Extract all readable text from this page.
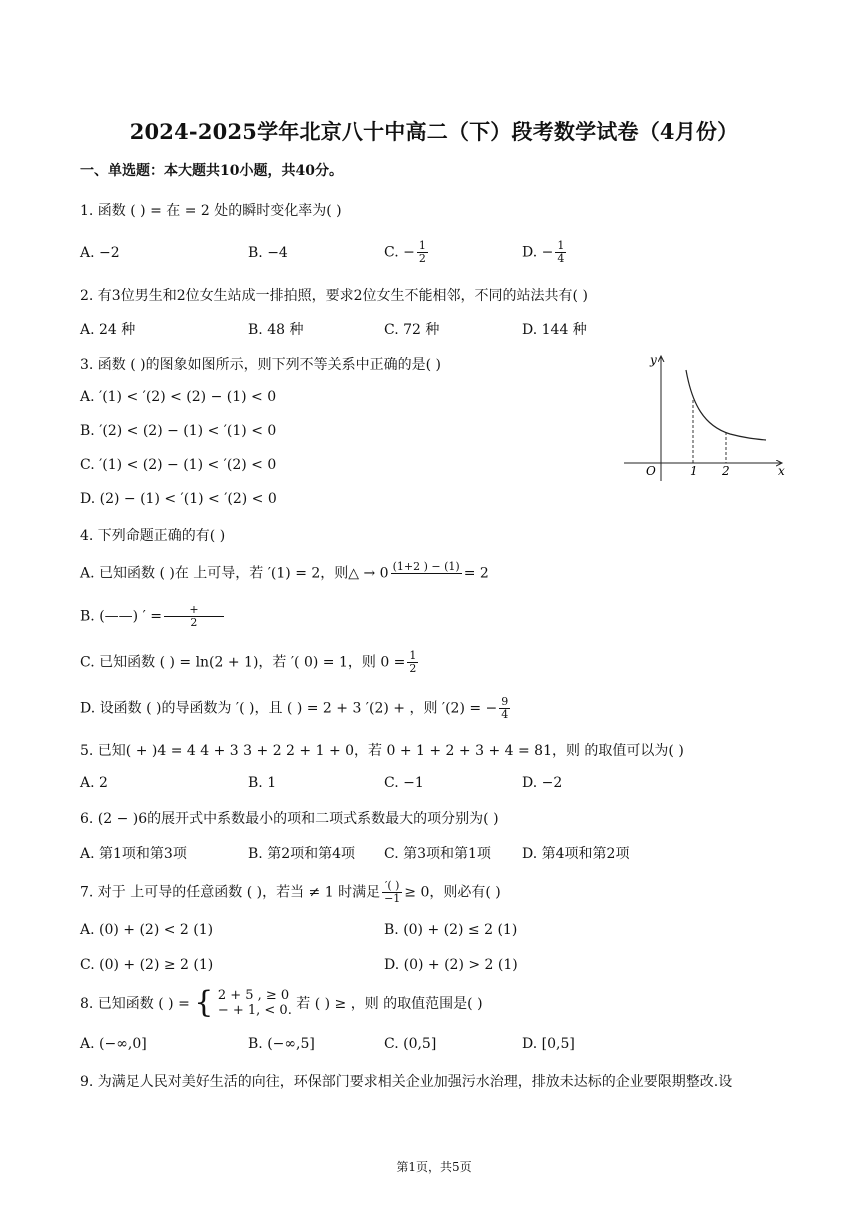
2024-2025学年北京八十中高二（下）段考数学试卷（4月份）
一、单选题：本大题共10小题，共40分。
1. 函数 ( ) = 在 = 2 处的瞬时变化率为( )
A. −2	B. −4	C. − $\frac{1}{2}$	D. − $\frac{1}{4}$
2. 有3位男生和2位女生站成一排拍照，要求2位女生不能相邻，不同的站法共有( )
A. 24 种	B. 48 种	C. 72 种	D. 144 种
3. 函数 ( )的图象如图所示，则下列不等关系中正确的是( )
A. ′(1) < ′(2) < (2) − (1) < 0
B. ′(2) < (2) − (1) < ′(1) < 0
C. ′(1) < (2) − (1) < ′(2) < 0
D. (2) − (1) < ′(1) < ′(2) < 0
y
x
O	1 2
4. 下列命题正确的有( )
A. 已知函数 ( )在 上可导，若 ′(1) = 2，则△ → 0 (1+2 ) − (1) = 2
B. (——) ′ = $\frac{+}{2}$
C. 已知函数 ( ) = ln(2 + 1)，若 ′( 0) = 1，则 $0 = \frac{1}{2}$
D. 设函数 ( )的导函数为 ′( )，且 ( ) = 2 + 3 ′(2) + ，则 ′(2) = − $\frac{9}{4}$
5. 已知( + )4 = 4 4 + 3 3 + 2 2 + 1 + 0，若 0 + 1 + 2 + 3 + 4 = 81，则 的取值可以为( )
A. 2	B. 1	C. −1	D. −2
6. (2 − )6的展开式中系数最小的项和二项式系数最大的项分别为( )
A. 第1项和第3项	B. 第2项和第4项 C. 第3项和第1项 D. 第4项和第2项
7. 对于 上可导的任意函数 ( )，若当 ≠ 1 时满足 $\frac{'( )}{-1} \ge 0$，则必有( )
A. (0) + (2) < 2 (1)	B. (0) + (2) ≤ 2 (1)
C. (0) + (2) ≥ 2 (1)	D. (0) + (2) > 2 (1)
8. 已知函数 ( ) = { 2 + 5 , ≥ 0
− + 1, < 0. 若 ( ) ≥ ，则 的取值范围是( )
A. (−∞,0]	B. (−∞,5]	C. (0,5]	D. [0,5]
9. 为满足人民对美好生活的向往，环保部门要求相关企业加强污水治理，排放未达标的企业要限期整改.设
第1页，共5页
